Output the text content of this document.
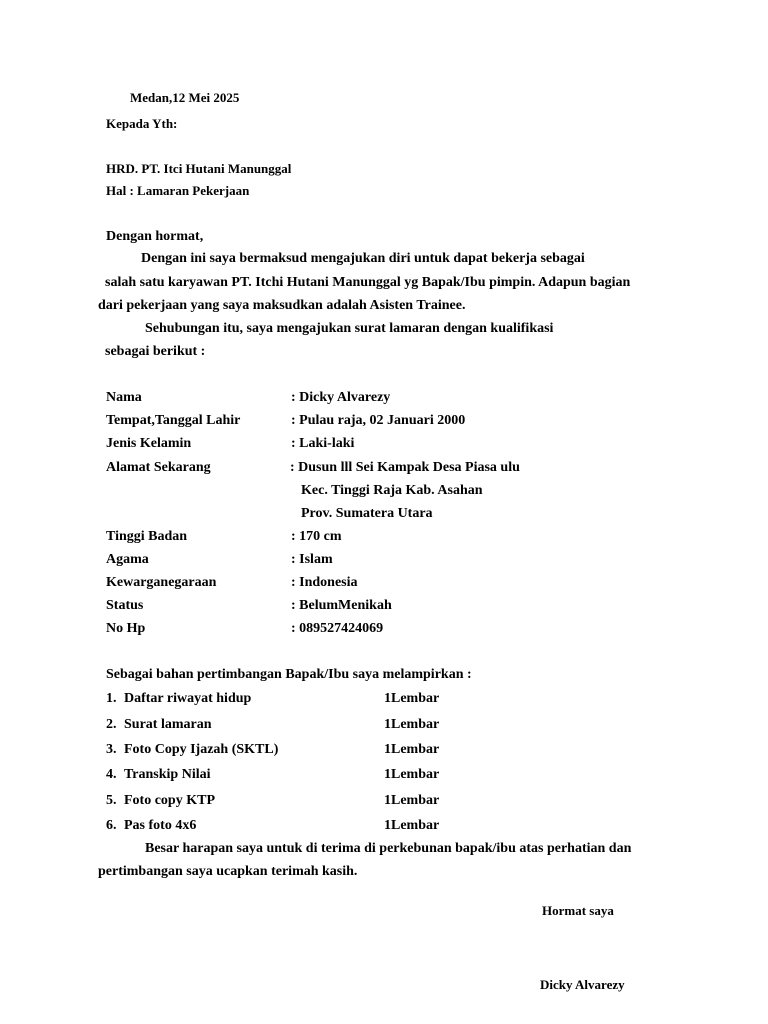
Medan,12 Mei 2025
Kepada Yth:
HRD. PT. Itci Hutani Manunggal
Hal : Lamaran Pekerjaan
Dengan hormat,
Dengan ini saya bermaksud mengajukan diri untuk dapat bekerja sebagai
salah satu karyawan PT. Itchi Hutani Manunggal yg Bapak/Ibu pimpin. Adapun bagian
dari pekerjaan yang saya maksudkan adalah Asisten Trainee.
Sehubungan itu, saya mengajukan surat lamaran dengan kualifikasi
sebagai berikut :
Nama	: Dicky Alvarezy
Tempat,Tanggal Lahir	: Pulau raja, 02 Januari 2000
Jenis Kelamin	: Laki-laki
Alamat Sekarang	: Dusun lll Sei Kampak Desa Piasa ulu
Kec. Tinggi Raja Kab. Asahan
Prov. Sumatera Utara
Tinggi Badan	: 170 cm
Agama	: Islam
Kewarganegaraan	: Indonesia
Status	: BelumMenikah
No Hp	: 089527424069
Sebagai bahan pertimbangan Bapak/Ibu saya melampirkan :
1. Daftar riwayat hidup	1Lembar
2. Surat lamaran	1Lembar
3. Foto Copy Ijazah (SKTL)	1Lembar
4. Transkip Nilai	1Lembar
5. Foto copy KTP	1Lembar
6. Pas foto 4x6	1Lembar
Besar harapan saya untuk di terima di perkebunan bapak/ibu atas perhatian dan
pertimbangan saya ucapkan terimah kasih.
Hormat saya
Dicky Alvarezy
